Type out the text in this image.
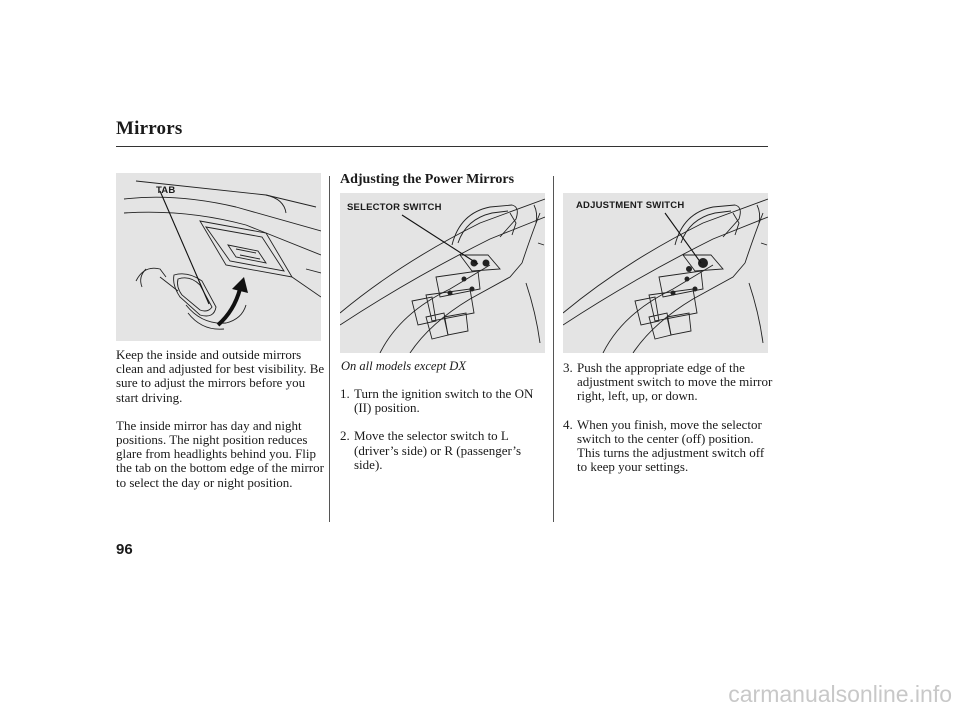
Mirrors
TAB

Keep the inside and outside mirrors clean and adjusted for best visibility. Be sure to adjust the mirrors before you start driving.

The inside mirror has day and night positions. The night position reduces glare from headlights behind you. Flip the tab on the bottom edge of the mirror to select the day or night position.

Adjusting the Power Mirrors
SELECTOR SWITCH
On all models except DX
1. Turn the ignition switch to the ON (II) position.
2. Move the selector switch to L (driver’s side) or R (passenger’s side).
ADJUSTMENT SWITCH
3. Push the appropriate edge of the adjustment switch to move the mirror right, left, up, or down.
4. When you finish, move the selector switch to the center (off) position. This turns the adjustment switch off to keep your settings.
96
carmanualsonline.info
